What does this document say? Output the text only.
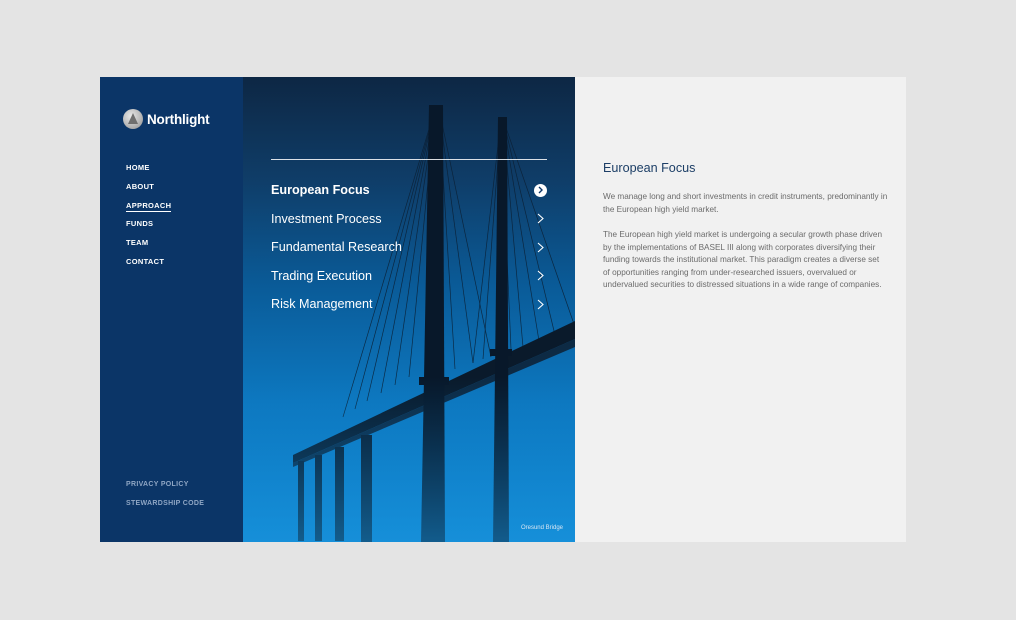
Northlight
HOME
ABOUT
APPROACH
FUNDS
TEAM
CONTACT
PRIVACY POLICY
STEWARDSHIP CODE
European Focus
Investment Process
Fundamental Research
Trading Execution
Risk Management
Oresund Bridge
European Focus

We manage long and short investments in credit instruments, predominantly in the European high yield market.

The European high yield market is undergoing a secular growth phase driven by the implementations of BASEL III along with corporates diversifying their funding towards the institutional market. This paradigm creates a diverse set of opportunities ranging from under-researched issuers, overvalued or undervalued securities to distressed situations in a wide range of companies.
